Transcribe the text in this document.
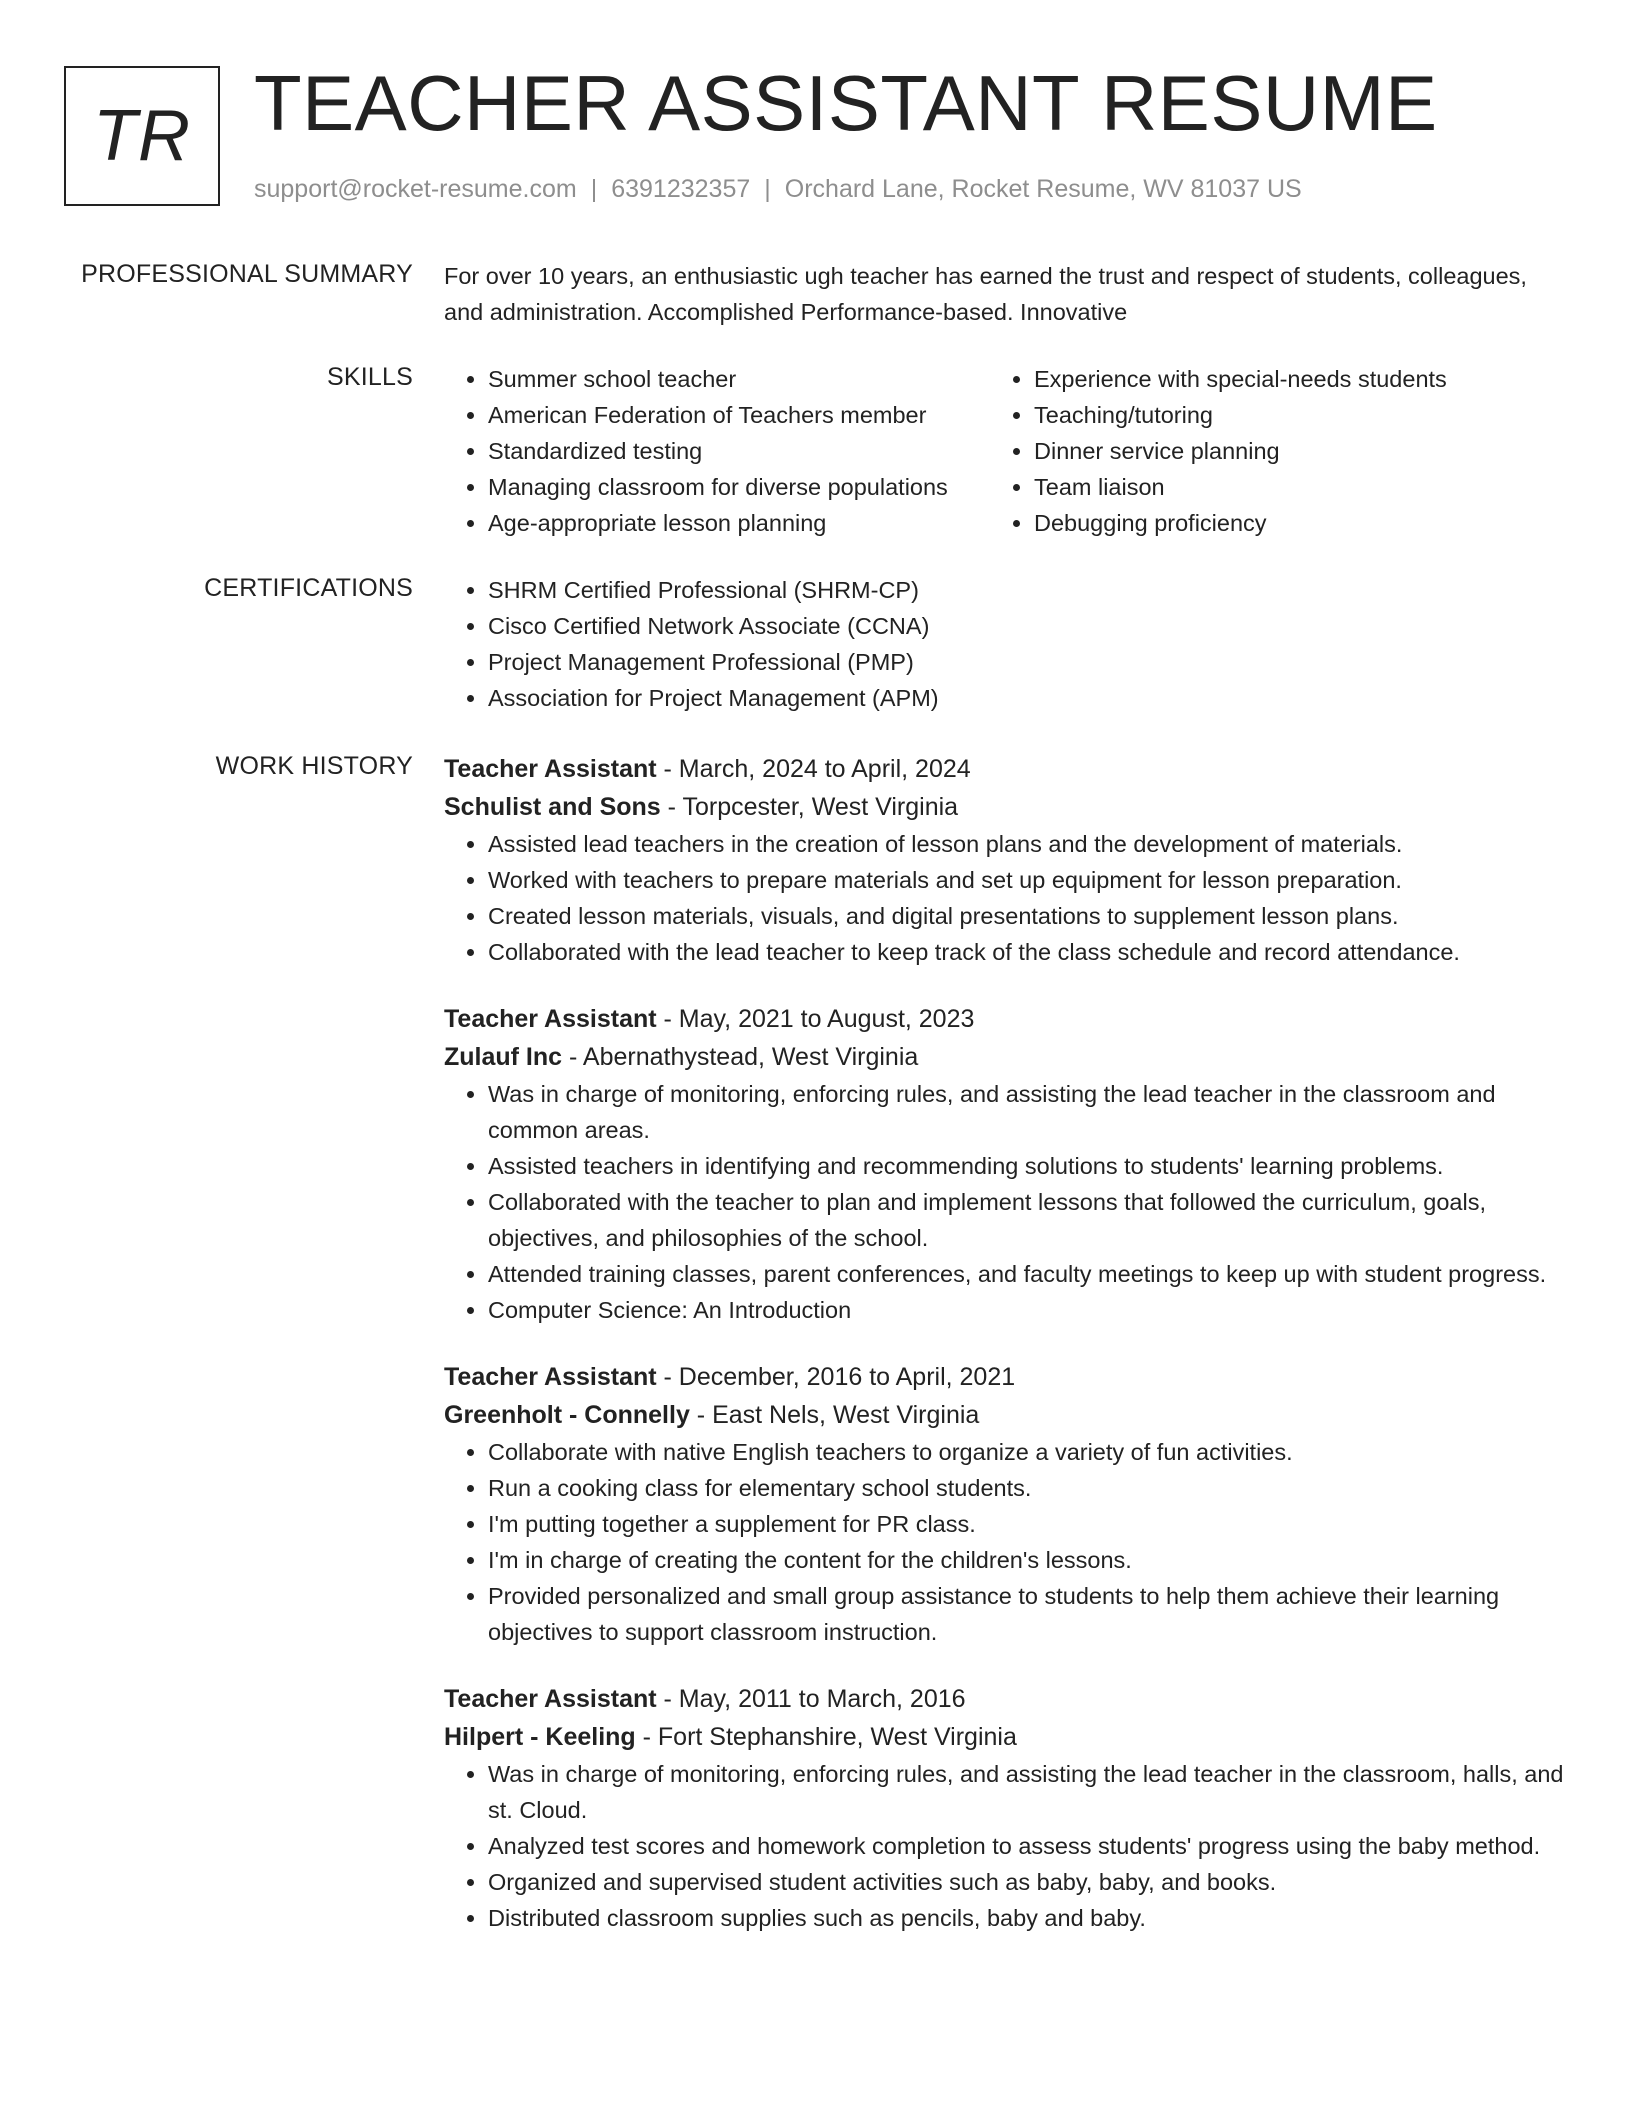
TR TEACHER ASSISTANT RESUME
support@rocket-resume.com | 6391232357 | Orchard Lane, Rocket Resume, WV 81037 US
PROFESSIONAL SUMMARY For over 10 years, an enthusiastic ugh teacher has earned the trust and respect of students, colleagues, and administration. Accomplished Performance-based. Innovative

SKILLS	• Summer school teacher
• American Federation of Teachers member
• Standardized testing
• Managing classroom for diverse populations
• Age-appropriate lesson planning
• Experience with special-needs students
• Teaching/tutoring
• Dinner service planning
• Team liaison
• Debugging proficiency
CERTIFICATIONS	• SHRM Certified Professional (SHRM-CP)
• Cisco Certified Network Associate (CCNA)
• Project Management Professional (PMP)
• Association for Project Management (APM)
WORK HISTORY Teacher Assistant - March, 2024 to April, 2024
Schulist and Sons - Torpcester, West Virginia
• Assisted lead teachers in the creation of lesson plans and the development of materials.
• Worked with teachers to prepare materials and set up equipment for lesson preparation.
• Created lesson materials, visuals, and digital presentations to supplement lesson plans.
• Collaborated with the lead teacher to keep track of the class schedule and record attendance.
Teacher Assistant - May, 2021 to August, 2023
Zulauf Inc - Abernathystead, West Virginia
• Was in charge of monitoring, enforcing rules, and assisting the lead teacher in the classroom and common areas.
• Assisted teachers in identifying and recommending solutions to students' learning problems.
• Collaborated with the teacher to plan and implement lessons that followed the curriculum, goals, objectives, and philosophies of the school.
• Attended training classes, parent conferences, and faculty meetings to keep up with student progress.
• Computer Science: An Introduction
Teacher Assistant - December, 2016 to April, 2021
Greenholt - Connelly - East Nels, West Virginia
• Collaborate with native English teachers to organize a variety of fun activities.
• Run a cooking class for elementary school students.
• I'm putting together a supplement for PR class.
• I'm in charge of creating the content for the children's lessons.
• Provided personalized and small group assistance to students to help them achieve their learning objectives to support classroom instruction.
Teacher Assistant - May, 2011 to March, 2016
Hilpert - Keeling - Fort Stephanshire, West Virginia
• Was in charge of monitoring, enforcing rules, and assisting the lead teacher in the classroom, halls, and st. Cloud.
• Analyzed test scores and homework completion to assess students' progress using the baby method.
• Organized and supervised student activities such as baby, baby, and books.
• Distributed classroom supplies such as pencils, baby and baby.
